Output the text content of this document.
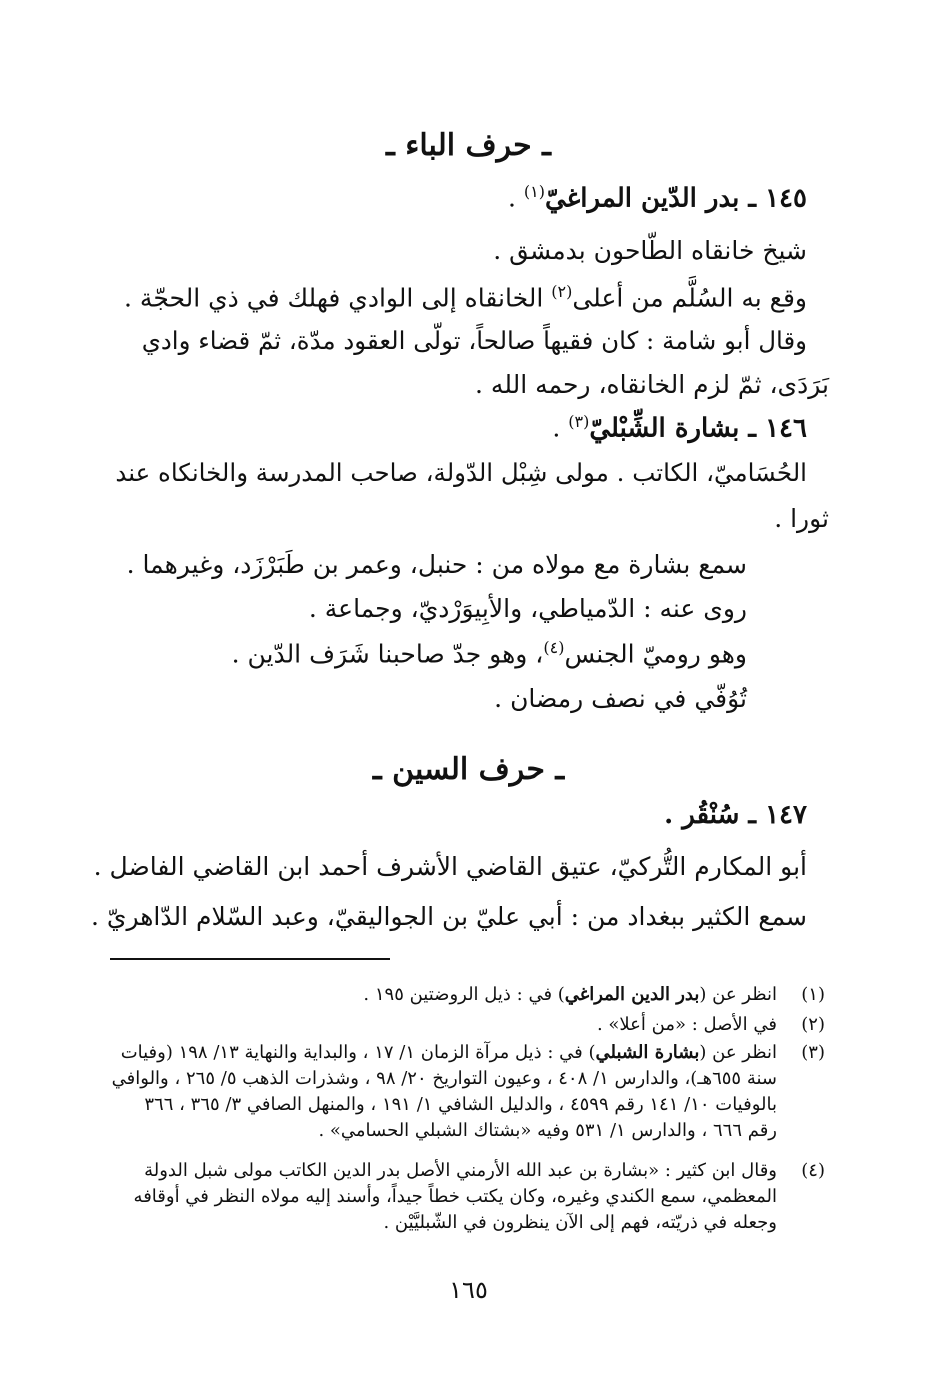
ـ حرف الباء ـ
١٤٥ ـ بدر الدّين المراغيّ$^{(١)}$ .
شيخ خانقاه الطّاحون بدمشق .
وقع به السُلَّم من أعلى$^{(٢)}$ الخانقاه إلى الوادي فهلك في ذي الحجّة .
وقال أبو شامة : كان فقيهاً صالحاً، تولّى العقود مدّة، ثمّ قضاء وادي
بَرَدَى، ثمّ لزم الخانقاه، رحمه الله .
١٤٦ ـ بشارة الشِّبْليّ$^{(٣)}$ .
الحُسَاميّ، الكاتب . مولى شِبْل الدّولة، صاحب المدرسة والخانكاه عند
ثورا .
سمع بشارة مع مولاه من : حنبل، وعمر بن طَبَرْزَد، وغيرهما .
روى عنه : الدّمياطي، والأبِيوَرْديّ، وجماعة .
وهو روميّ الجنس$^{(٤)}$، وهو جدّ صاحبنا شَرَف الدّين .
تُوُفّي في نصف رمضان .
ـ حرف السين ـ
١٤٧ ـ سُنْقُر .
أبو المكارم التُّركيّ، عتيق القاضي الأشرف أحمد ابن القاضي الفاضل .
سمع الكثير ببغداد من : أبي عليّ بن الجواليقيّ، وعبد السّلام الدّاهريّ .
(١)
انظر عن (بدر الدين المراغي) في : ذيل الروضتين ١٩٥ .
(٢)
في الأصل : «من أعلا» .
(٣)
انظر عن (بشارة الشبلي) في : ذيل مرآة الزمان ١/ ١٧ ، والبداية والنهاية ١٣/ ١٩٨ (وفيات سنة ٦٥٥هـ)، والدارس ١/ ٤٠٨ ، وعيون التواريخ ٢٠/ ٩٨ ، وشذرات الذهب ٥/ ٢٦٥ ، والوافي بالوفيات ١٠/ ١٤١ رقم ٤٥٩٩ ، والدليل الشافي ١/ ١٩١ ، والمنهل الصافي ٣/ ٣٦٥ ، ٣٦٦ رقم ٦٦٦ ، والدارس ١/ ٥٣١ وفيه «بشتاك الشبلي الحسامي» .
(٤)
وقال ابن كثير : «بشارة بن عبد الله الأرمني الأصل بدر الدين الكاتب مولى شبل الدولة المعظمي، سمع الكندي وغيره، وكان يكتب خطاً جيداً، وأسند إليه مولاه النظر في أوقافه وجعله في ذريّته، فهم إلى الآن ينظرون في الشّبليَّيْن .
١٦٥
